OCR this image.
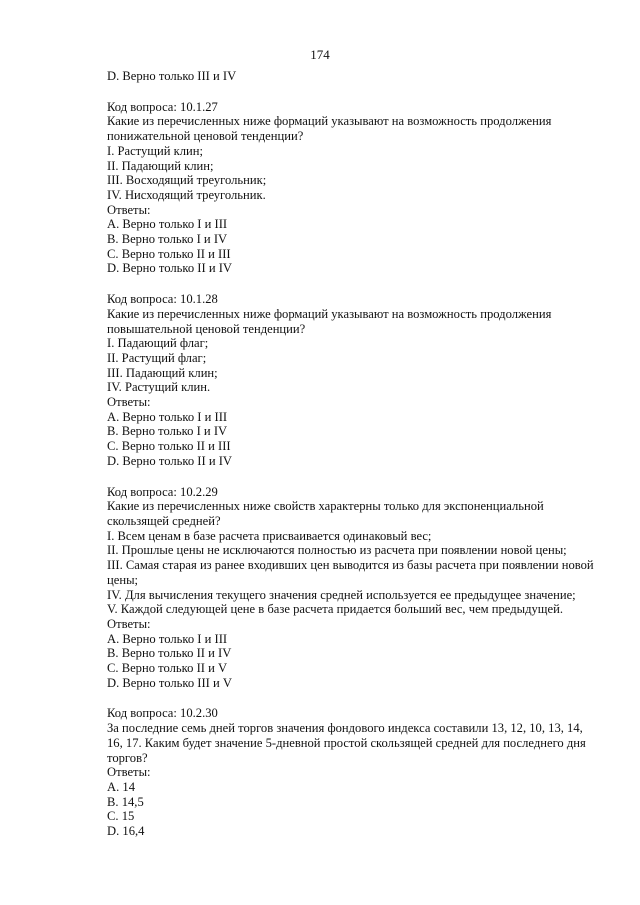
174
D. Верно только III и IV
Код вопроса: 10.1.27
Какие из перечисленных ниже формаций указывают на возможность продолжения
понижательной ценовой тенденции?
I. Растущий клин;
II. Падающий клин;
III. Восходящий треугольник;
IV. Нисходящий треугольник.
Ответы:
A. Верно только I и III
B. Верно только I и IV
C. Верно только II и III
D. Верно только II и IV
Код вопроса: 10.1.28
Какие из перечисленных ниже формаций указывают на возможность продолжения
повышательной ценовой тенденции?
I. Падающий флаг;
II. Растущий флаг;
III. Падающий клин;
IV. Растущий клин.
Ответы:
A. Верно только I и III
B. Верно только I и IV
C. Верно только II и III
D. Верно только II и IV
Код вопроса: 10.2.29
Какие из перечисленных ниже свойств характерны только для экспоненциальной
скользящей средней?
I. Всем ценам в базе расчета присваивается одинаковый вес;
II. Прошлые цены не исключаются полностью из расчета при появлении новой цены;
III. Самая старая из ранее входивших цен выводится из базы расчета при появлении новой
цены;
IV. Для вычисления текущего значения средней используется ее предыдущее значение;
V. Каждой следующей цене в базе расчета придается больший вес, чем предыдущей.
Ответы:
A. Верно только I и III
B. Верно только II и IV
C. Верно только II и V
D. Верно только III и V
Код вопроса: 10.2.30
За последние семь дней торгов значения фондового индекса составили 13, 12, 10, 13, 14,
16, 17. Каким будет значение 5-дневной простой скользящей средней для последнего дня
торгов?
Ответы:
A. 14
B. 14,5
C. 15
D. 16,4
